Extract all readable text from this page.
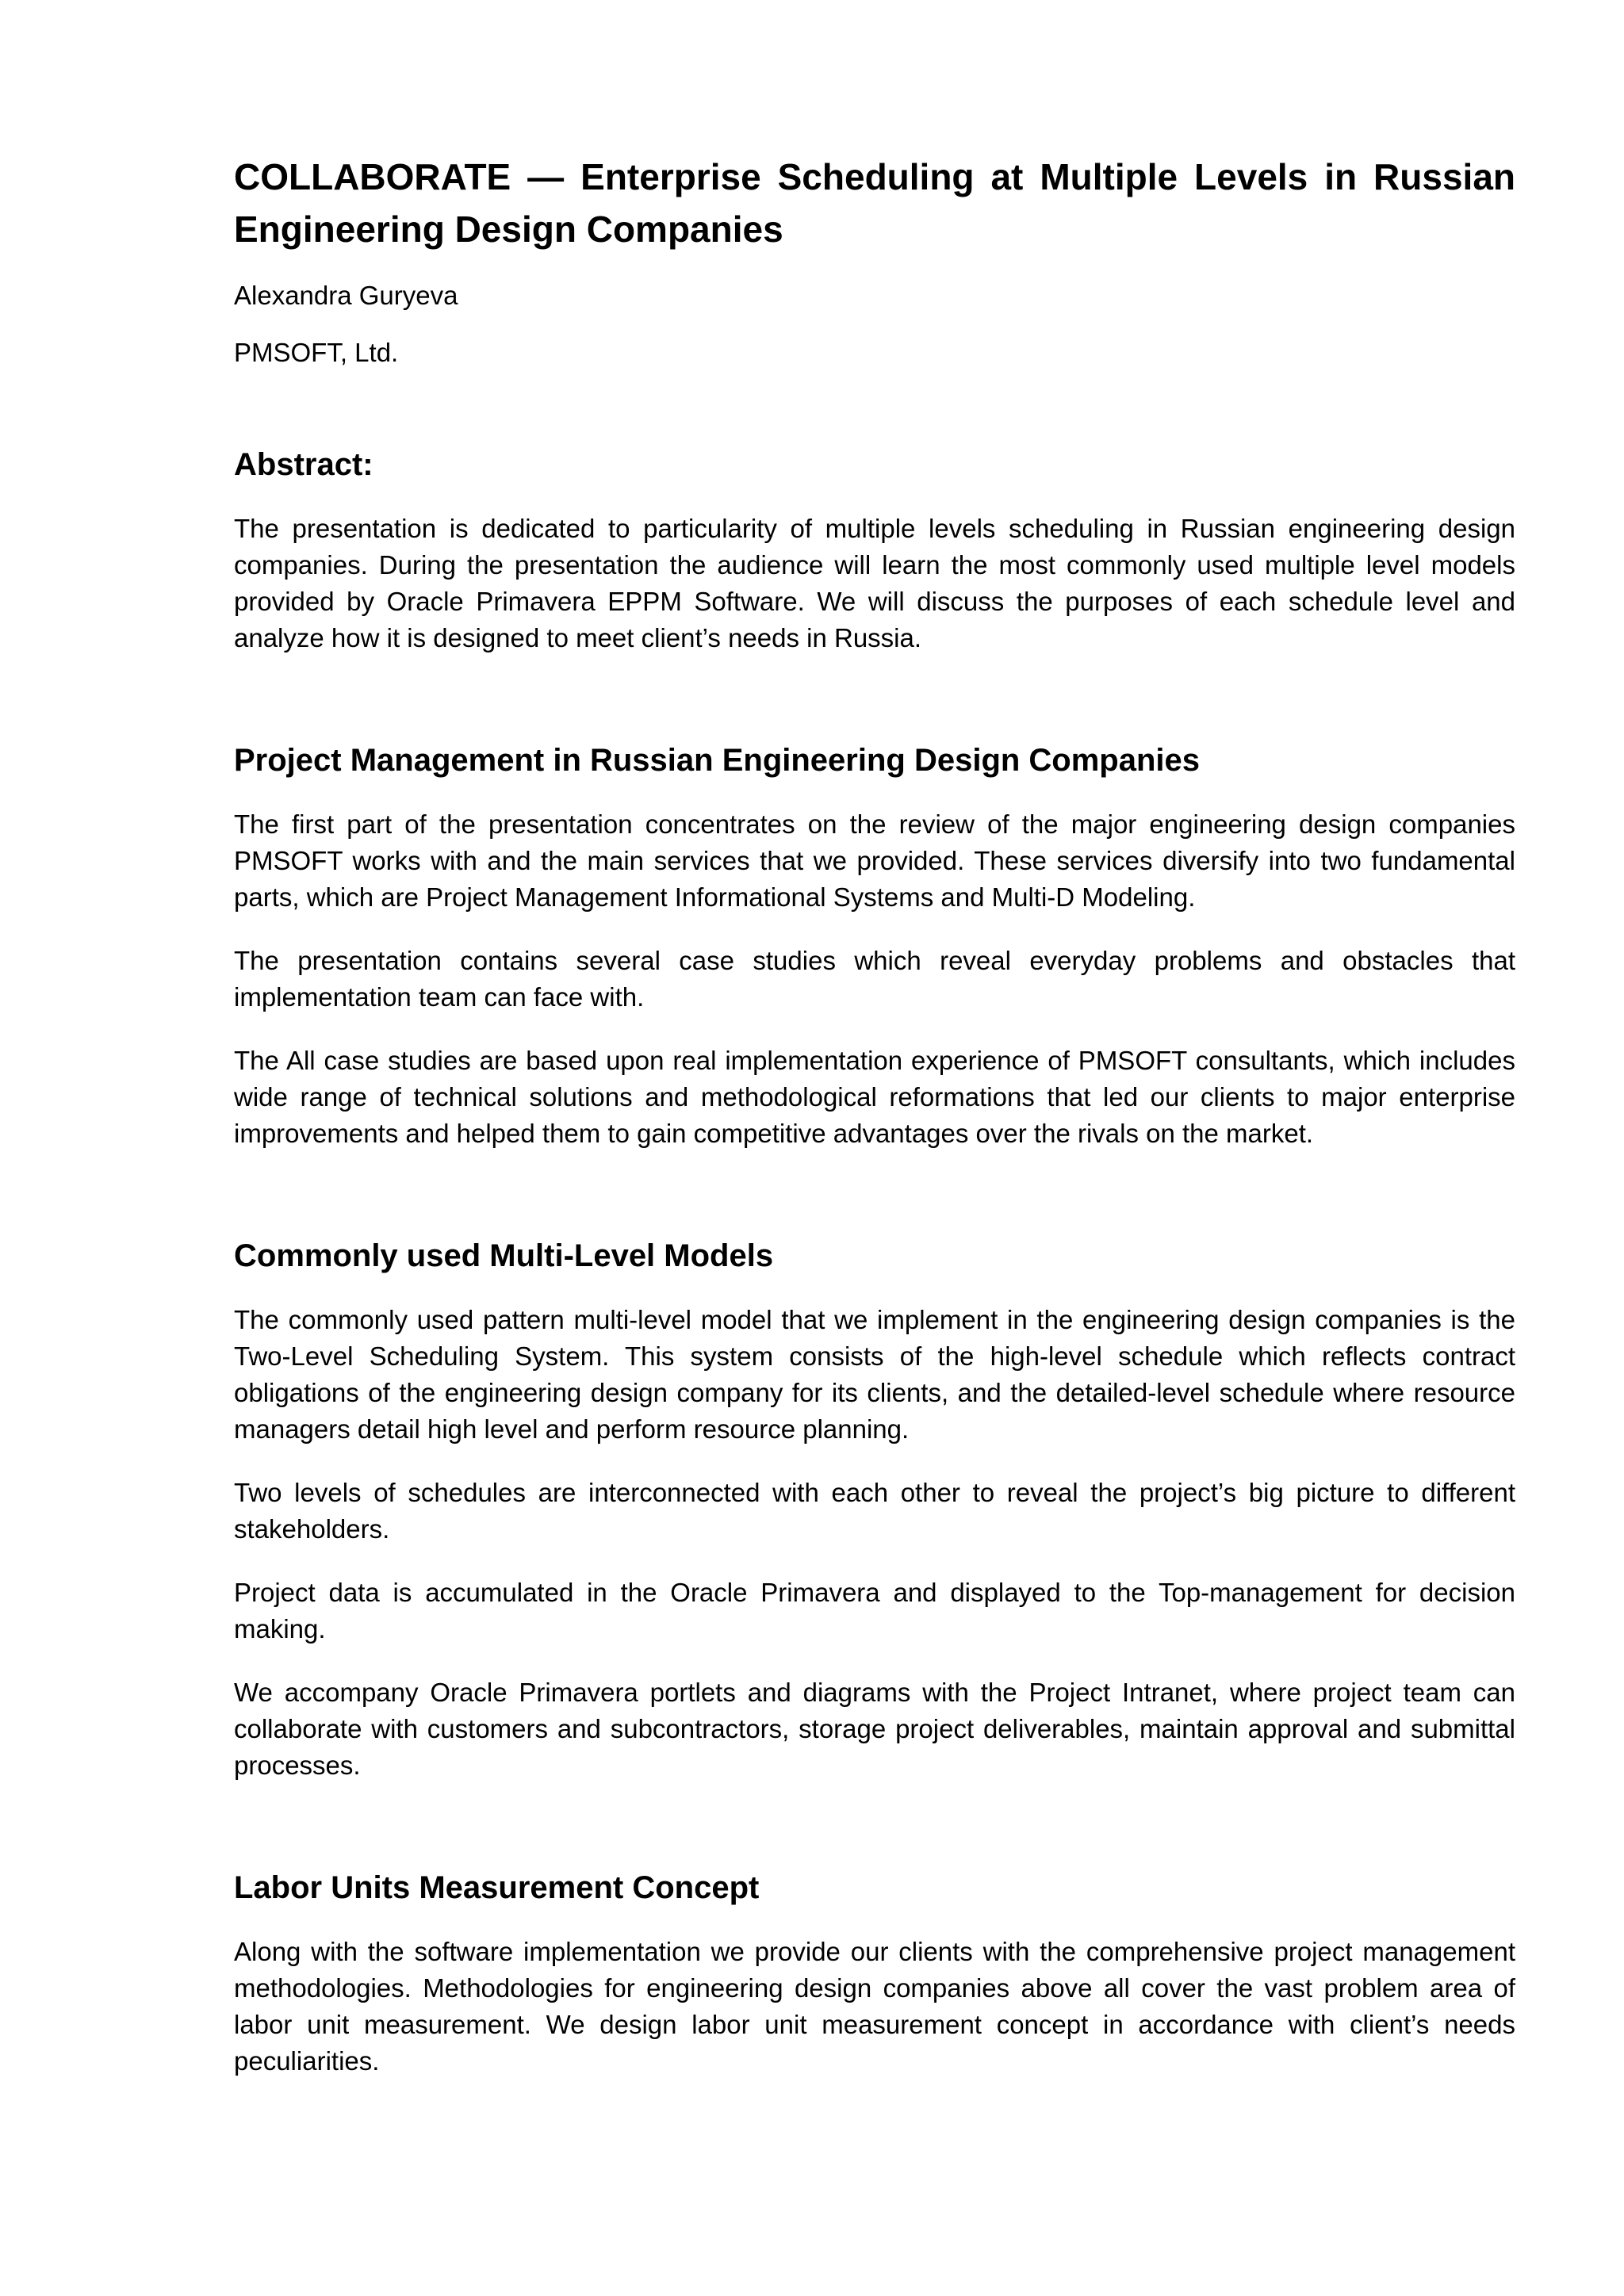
COLLABORATE — Enterprise Scheduling at Multiple Levels in Russian Engineering Design Companies

Alexandra Guryeva

PMSOFT, Ltd.

Abstract:

The presentation is dedicated to particularity of multiple levels scheduling in Russian engineering design companies. During the presentation the audience will learn the most commonly used multiple level models provided by Oracle Primavera EPPM Software. We will discuss the purposes of each schedule level and analyze how it is designed to meet client’s needs in Russia.

Project Management in Russian Engineering Design Companies

The first part of the presentation concentrates on the review of the major engineering design companies PMSOFT works with and the main services that we provided. These services diversify into two fundamental parts, which are Project Management Informational Systems and Multi-D Modeling.

The presentation contains several case studies which reveal everyday problems and obstacles that implementation team can face with.

The All case studies are based upon real implementation experience of PMSOFT consultants, which includes wide range of technical solutions and methodological reformations that led our clients to major enterprise improvements and helped them to gain competitive advantages over the rivals on the market.

Commonly used Multi-Level Models

The commonly used pattern multi-level model that we implement in the engineering design companies is the Two-Level Scheduling System. This system consists of the high-level schedule which reflects contract obligations of the engineering design company for its clients, and the detailed-level schedule where resource managers detail high level and perform resource planning.

Two levels of schedules are interconnected with each other to reveal the project’s big picture to different stakeholders.

Project data is accumulated in the Oracle Primavera and displayed to the Top-management for decision making.

We accompany Oracle Primavera portlets and diagrams with the Project Intranet, where project team can collaborate with customers and subcontractors, storage project deliverables, maintain approval and submittal processes.

Labor Units Measurement Concept

Along with the software implementation we provide our clients with the comprehensive project management methodologies. Methodologies for engineering design companies above all cover the vast problem area of labor unit measurement. We design labor unit measurement concept in accordance with client’s needs peculiarities.
